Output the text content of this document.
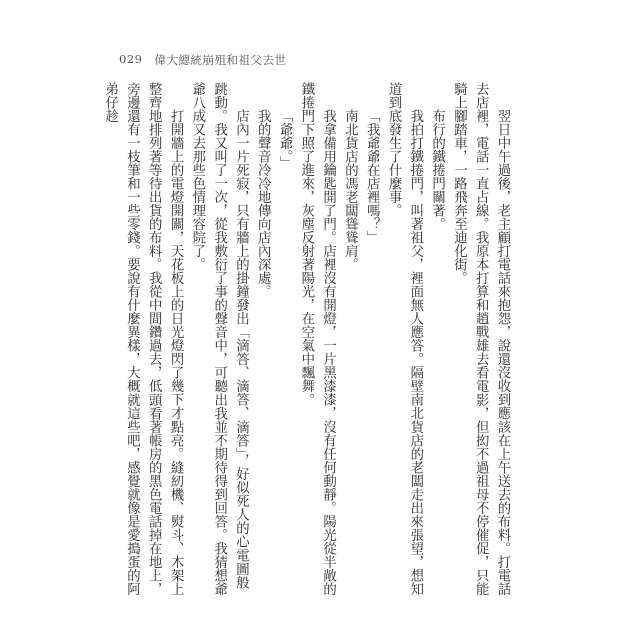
029 偉大總統崩殂和祖父去世

翌日中午過後，老主顧打電話來抱怨，說還沒收到應該在上午送去的布料。打電話去店裡，電話一直占線。我原本打算和趙戰雄去看電影，但抝不過祖母不停催促，只能騎上腳踏車，一路飛奔至迪化街。

布行的鐵捲門關著。

我拍打鐵捲門，叫著祖父，裡面無人應答。隔壁南北貨店的老闆走出來張望，想知道到底發生了什麼事。

「我爺爺在店裡嗎？」

南北貨店的馮老闆聳聳肩。

我拿備用鑰匙開了門。店裡沒有開燈，一片黑漆漆，沒有任何動靜。陽光從半敞的鐵捲門下照了進來，灰塵反射著陽光，在空氣中飄舞。

「爺爺。」

我的聲音冷冷地傳向店內深處。

店內一片死寂，只有牆上的掛鐘發出「滴答、滴答、滴答」，好似死人的心電圖般跳動。我又叫了一次，從我敷衍了事的聲音中，可聽出我並不期待得到回答。我猜想爺爺八成又去那些色情理容院了。

打開牆上的電燈開關，天花板上的日光燈閃了幾下才點亮。縫紉機、熨斗、木架上整齊地排列著等待出貨的布料。我從中間鑽過去，低頭看著帳房的黑色電話掉在地上，旁邊還有一枝筆和一些零錢。要說有什麼異樣，大概就這些吧，感覺就像是愛搗蛋的阿弟仔趁
